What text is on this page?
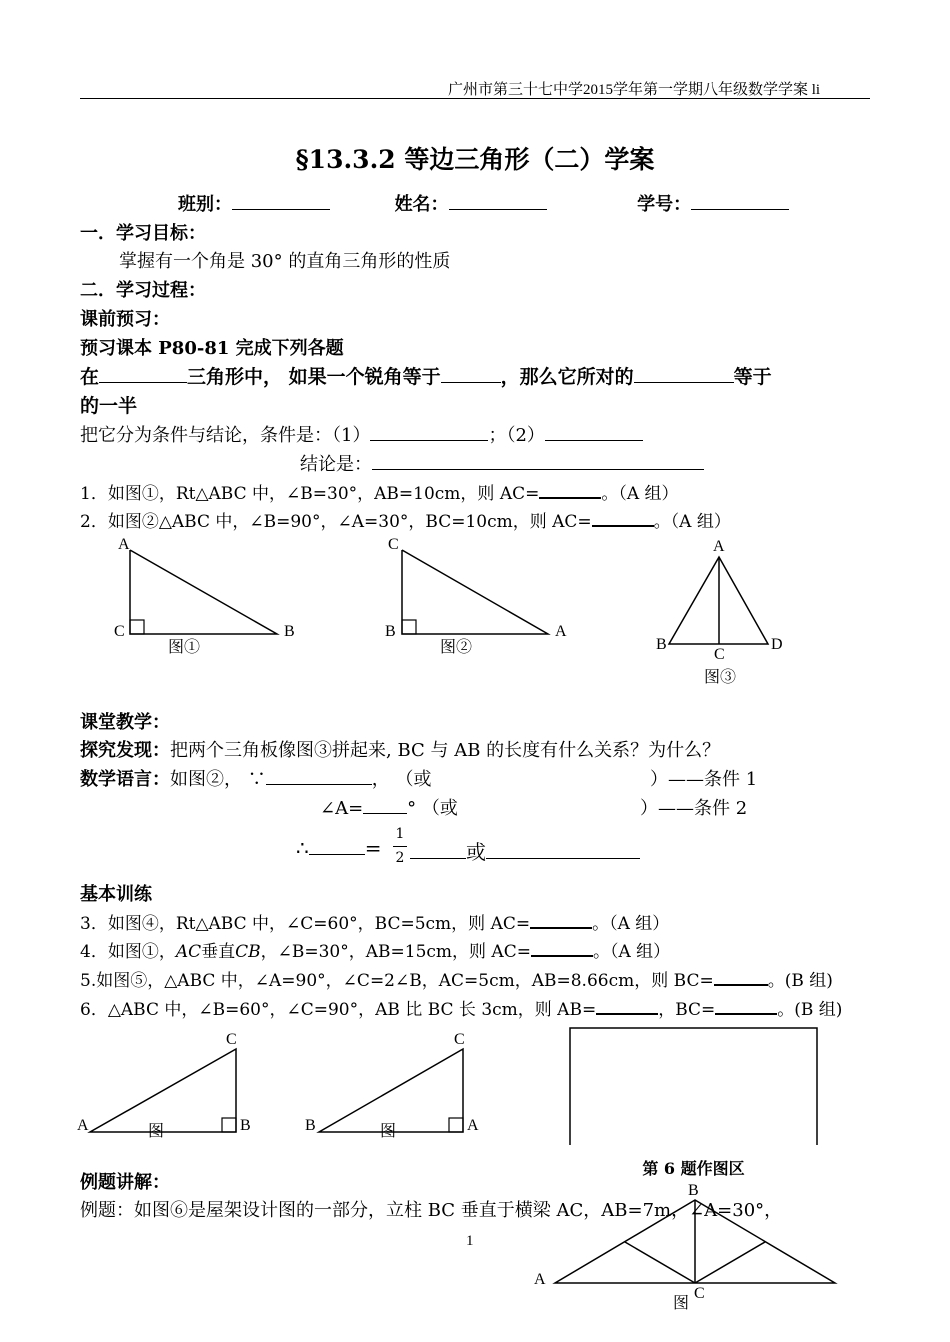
广州市第三十七中学2015学年第一学期八年级数学学案 li
§13.3.2 等边三角形（二）学案
班别：	姓名：	学号：
一．学习目标：
掌握有一个角是 30° 的直角三角形的性质
二．学习过程：
课前预习：
预习课本 P80-81 完成下列各题
在	三角形中， 如果一个锐角等于	，那么它所对的	等于
的一半
把它分为条件与结论，条件是：（1）	；（2）
结论是：
1．如图①，Rt△ABC 中，∠B=30°，AB=10cm，则 AC=	。（A 组）
2．如图②△ABC 中，∠B=90°，∠A=30°，BC=10cm，则 AC=	。（A 组）
A
C	B
图①
C
B	A
图②
A
B
C
D
图③
课堂教学：
探究发现：把两个三角板像图③拼起来, BC 与 AB 的长度有什么关系？为什么？
数学语言：如图②， ∵	， （或	）——条件 1
∠A= ° （或	）——条件 2
∴	=
1
2	或
基本训练
3．如图④，Rt△ABC 中，∠C=60°，BC=5cm，则 AC=	。（A 组）
4．如图①，AC垂直CB，∠B=30°，AB=15cm，则 AC=	。（A 组）
5.如图⑤，△ABC 中，∠A=90°，∠C=2∠B，AC=5cm，AB=8.66cm，则 BC=	。(B 组)
6．△ABC 中，∠B=60°，∠C=90°，AB 比 BC 长 3cm，则 AB=	，BC=	。(B 组)
C
A	B
图
C
B	A
图
第 6 题作图区
例题讲解：	B
A
C
图
例题：如图⑥是屋架设计图的一部分，立柱 BC 垂直于横梁 AC，AB=7m，∠A=30°，
1
